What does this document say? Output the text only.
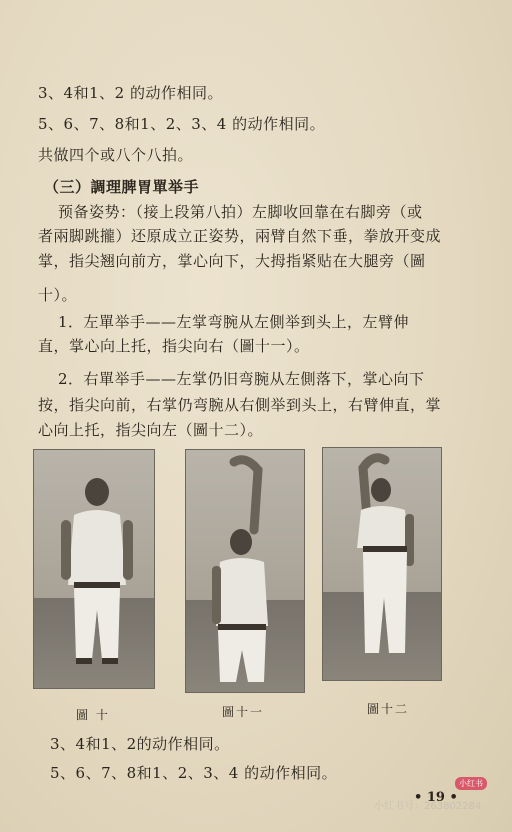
3、4和1、2 的动作相同。
5、6、7、8和1、2、3、4 的动作相同。
共做四个或八个八拍。
（三）調理脾胃單举手
预备姿势：（接上段第八拍）左脚收回靠在右脚旁（或
者兩脚跳攏）还原成立正姿势，兩臂自然下垂，拳放开变成
掌，指尖翘向前方，掌心向下，大拇指紧贴在大腿旁（圖
十）。
1．左單举手——左掌弯腕从左側举到头上，左臂伸
直，掌心向上托，指尖向右（圖十一）。
2．右單举手——左掌仍旧弯腕从左側落下，掌心向下
按，指尖向前，右掌仍弯腕从右側举到头上，右臂伸直，掌
心向上托，指尖向左（圖十二）。
圖 十	圖十一	圖十二
3、4和1、2的动作相同。
5、6、7、8和1、2、3、4 的动作相同。
• 19 •
小红书
小红书号：263802284
